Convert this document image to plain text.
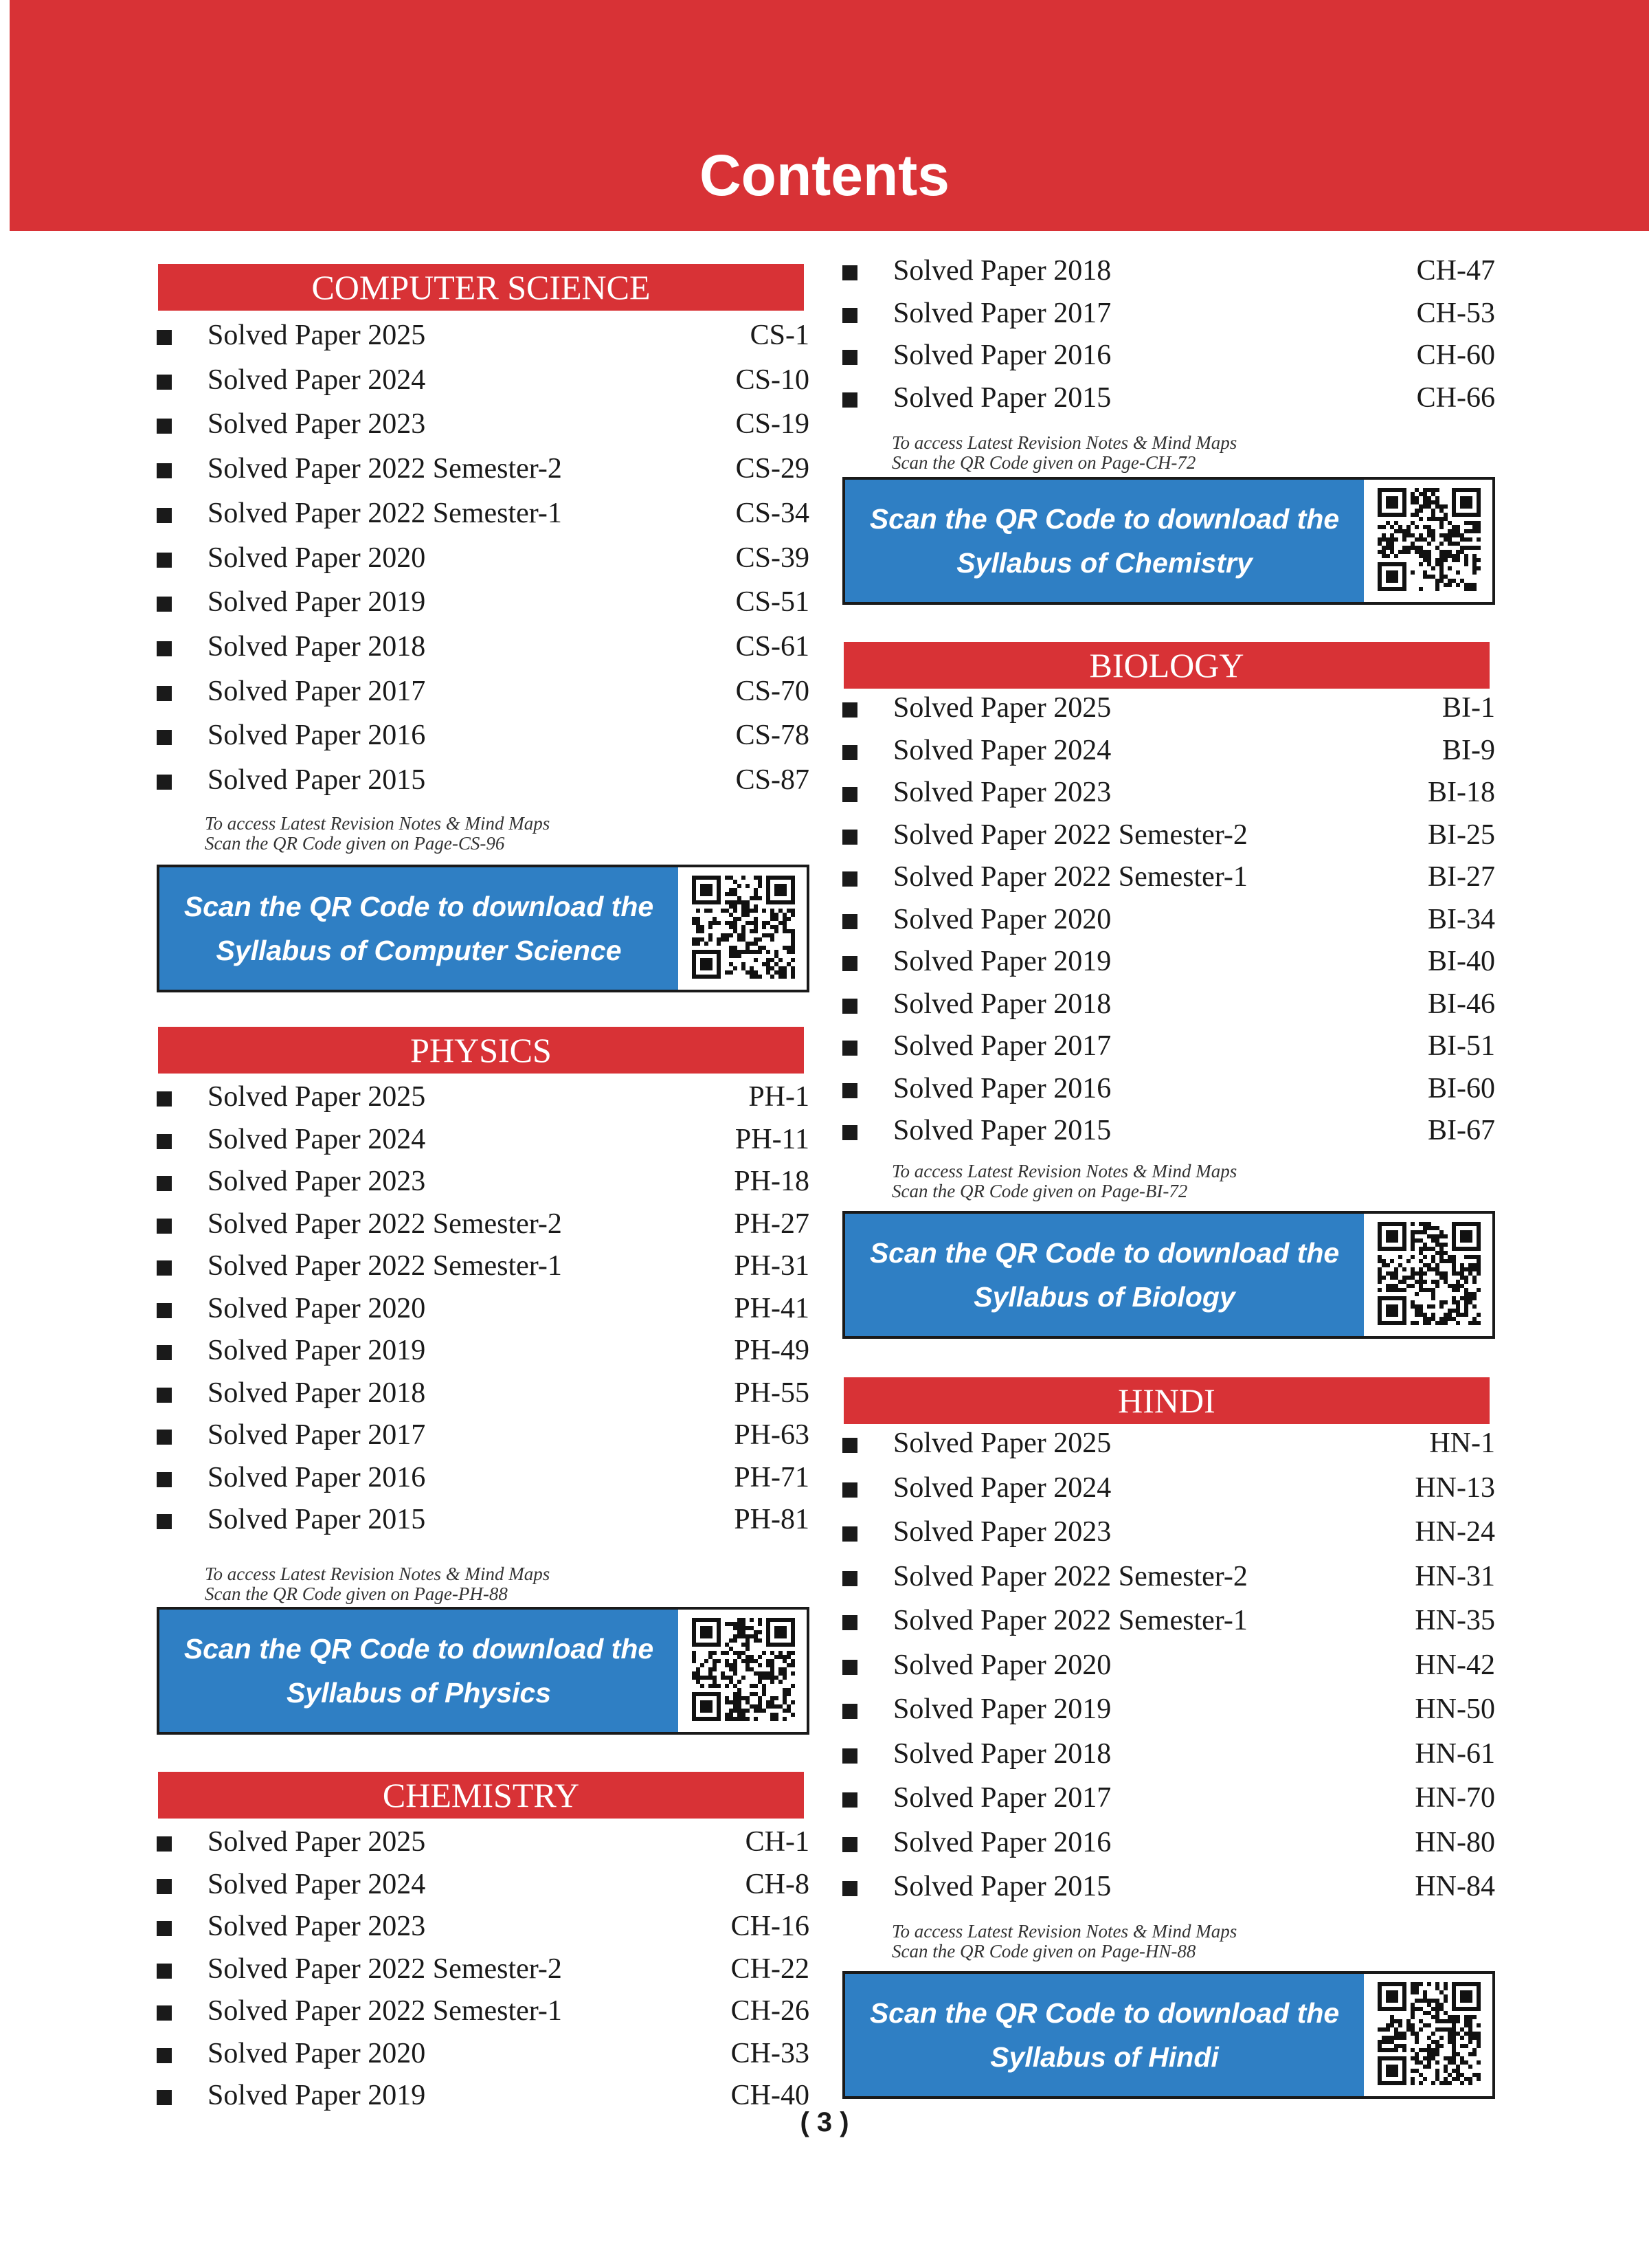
Contents
COMPUTER SCIENCE
Solved Paper 2025	CS-1
Solved Paper 2024	CS-10
Solved Paper 2023	CS-19
Solved Paper 2022 Semester-2	CS-29
Solved Paper 2022 Semester-1	CS-34
Solved Paper 2020	CS-39
Solved Paper 2019	CS-51
Solved Paper 2018	CS-61
Solved Paper 2017	CS-70
Solved Paper 2016	CS-78
Solved Paper 2015	CS-87
To access Latest Revision Notes & Mind Maps
Scan the QR Code given on Page-CS-96
Scan the QR Code to download the
Syllabus of Computer Science
PHYSICS
Solved Paper 2025	PH-1
Solved Paper 2024	PH-11
Solved Paper 2023	PH-18
Solved Paper 2022 Semester-2	PH-27
Solved Paper 2022 Semester-1	PH-31
Solved Paper 2020	PH-41
Solved Paper 2019	PH-49
Solved Paper 2018	PH-55
Solved Paper 2017	PH-63
Solved Paper 2016	PH-71
Solved Paper 2015	PH-81
To access Latest Revision Notes & Mind Maps
Scan the QR Code given on Page-PH-88
Scan the QR Code to download the
Syllabus of Physics
CHEMISTRY
Solved Paper 2025	CH-1
Solved Paper 2024	CH-8
Solved Paper 2023	CH-16
Solved Paper 2022 Semester-2	CH-22
Solved Paper 2022 Semester-1	CH-26
Solved Paper 2020	CH-33
Solved Paper 2019	CH-40
Solved Paper 2018	CH-47
Solved Paper 2017	CH-53
Solved Paper 2016	CH-60
Solved Paper 2015	CH-66
To access Latest Revision Notes & Mind Maps
Scan the QR Code given on Page-CH-72
Scan the QR Code to download the
Syllabus of Chemistry
BIOLOGY
Solved Paper 2025	BI-1
Solved Paper 2024	BI-9
Solved Paper 2023	BI-18
Solved Paper 2022 Semester-2	BI-25
Solved Paper 2022 Semester-1	BI-27
Solved Paper 2020	BI-34
Solved Paper 2019	BI-40
Solved Paper 2018	BI-46
Solved Paper 2017	BI-51
Solved Paper 2016	BI-60
Solved Paper 2015	BI-67
To access Latest Revision Notes & Mind Maps
Scan the QR Code given on Page-BI-72
Scan the QR Code to download the
Syllabus of Biology
HINDI
Solved Paper 2025	HN-1
Solved Paper 2024	HN-13
Solved Paper 2023	HN-24
Solved Paper 2022 Semester-2	HN-31
Solved Paper 2022 Semester-1	HN-35
Solved Paper 2020	HN-42
Solved Paper 2019	HN-50
Solved Paper 2018	HN-61
Solved Paper 2017	HN-70
Solved Paper 2016	HN-80
Solved Paper 2015	HN-84
To access Latest Revision Notes & Mind Maps
Scan the QR Code given on Page-HN-88
Scan the QR Code to download the
Syllabus of Hindi
( 3 )
